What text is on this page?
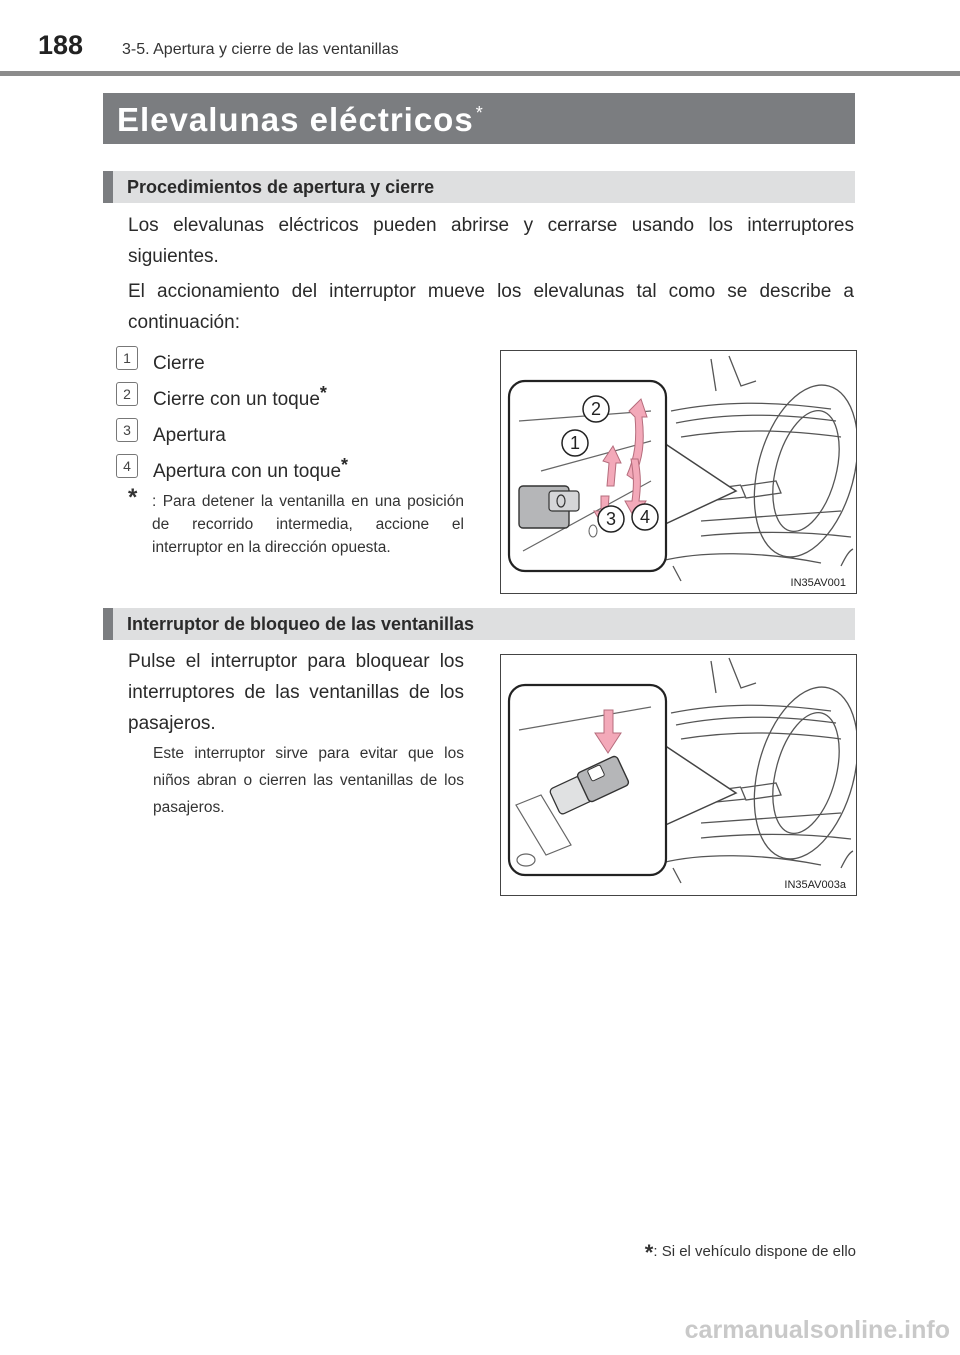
188 3-5. Apertura y cierre de las ventanillas
Elevalunas eléctricos *
Procedimientos de apertura y cierre
Los elevalunas eléctricos pueden abrirse y cerrarse usando los interruptores siguientes.
El accionamiento del interruptor mueve los elevalunas tal como se describe a continuación:
1	Cierre
2	Cierre con un toque*
3	Apertura
4	Apertura con un toque*
* : Para detener la ventanilla en una posición de recorrido intermedia, accione el interruptor en la dirección opuesta.
2
1
3 4
IN35AV001
Interruptor de bloqueo de las ventanillas
Pulse el interruptor para bloquear los interruptores de las ventanillas de los pasajeros.
Este interruptor sirve para evitar que los niños abran o cierren las ventanillas de los pasajeros.
IN35AV003a
*: Si el vehículo dispone de ello
carmanualsonline.info
